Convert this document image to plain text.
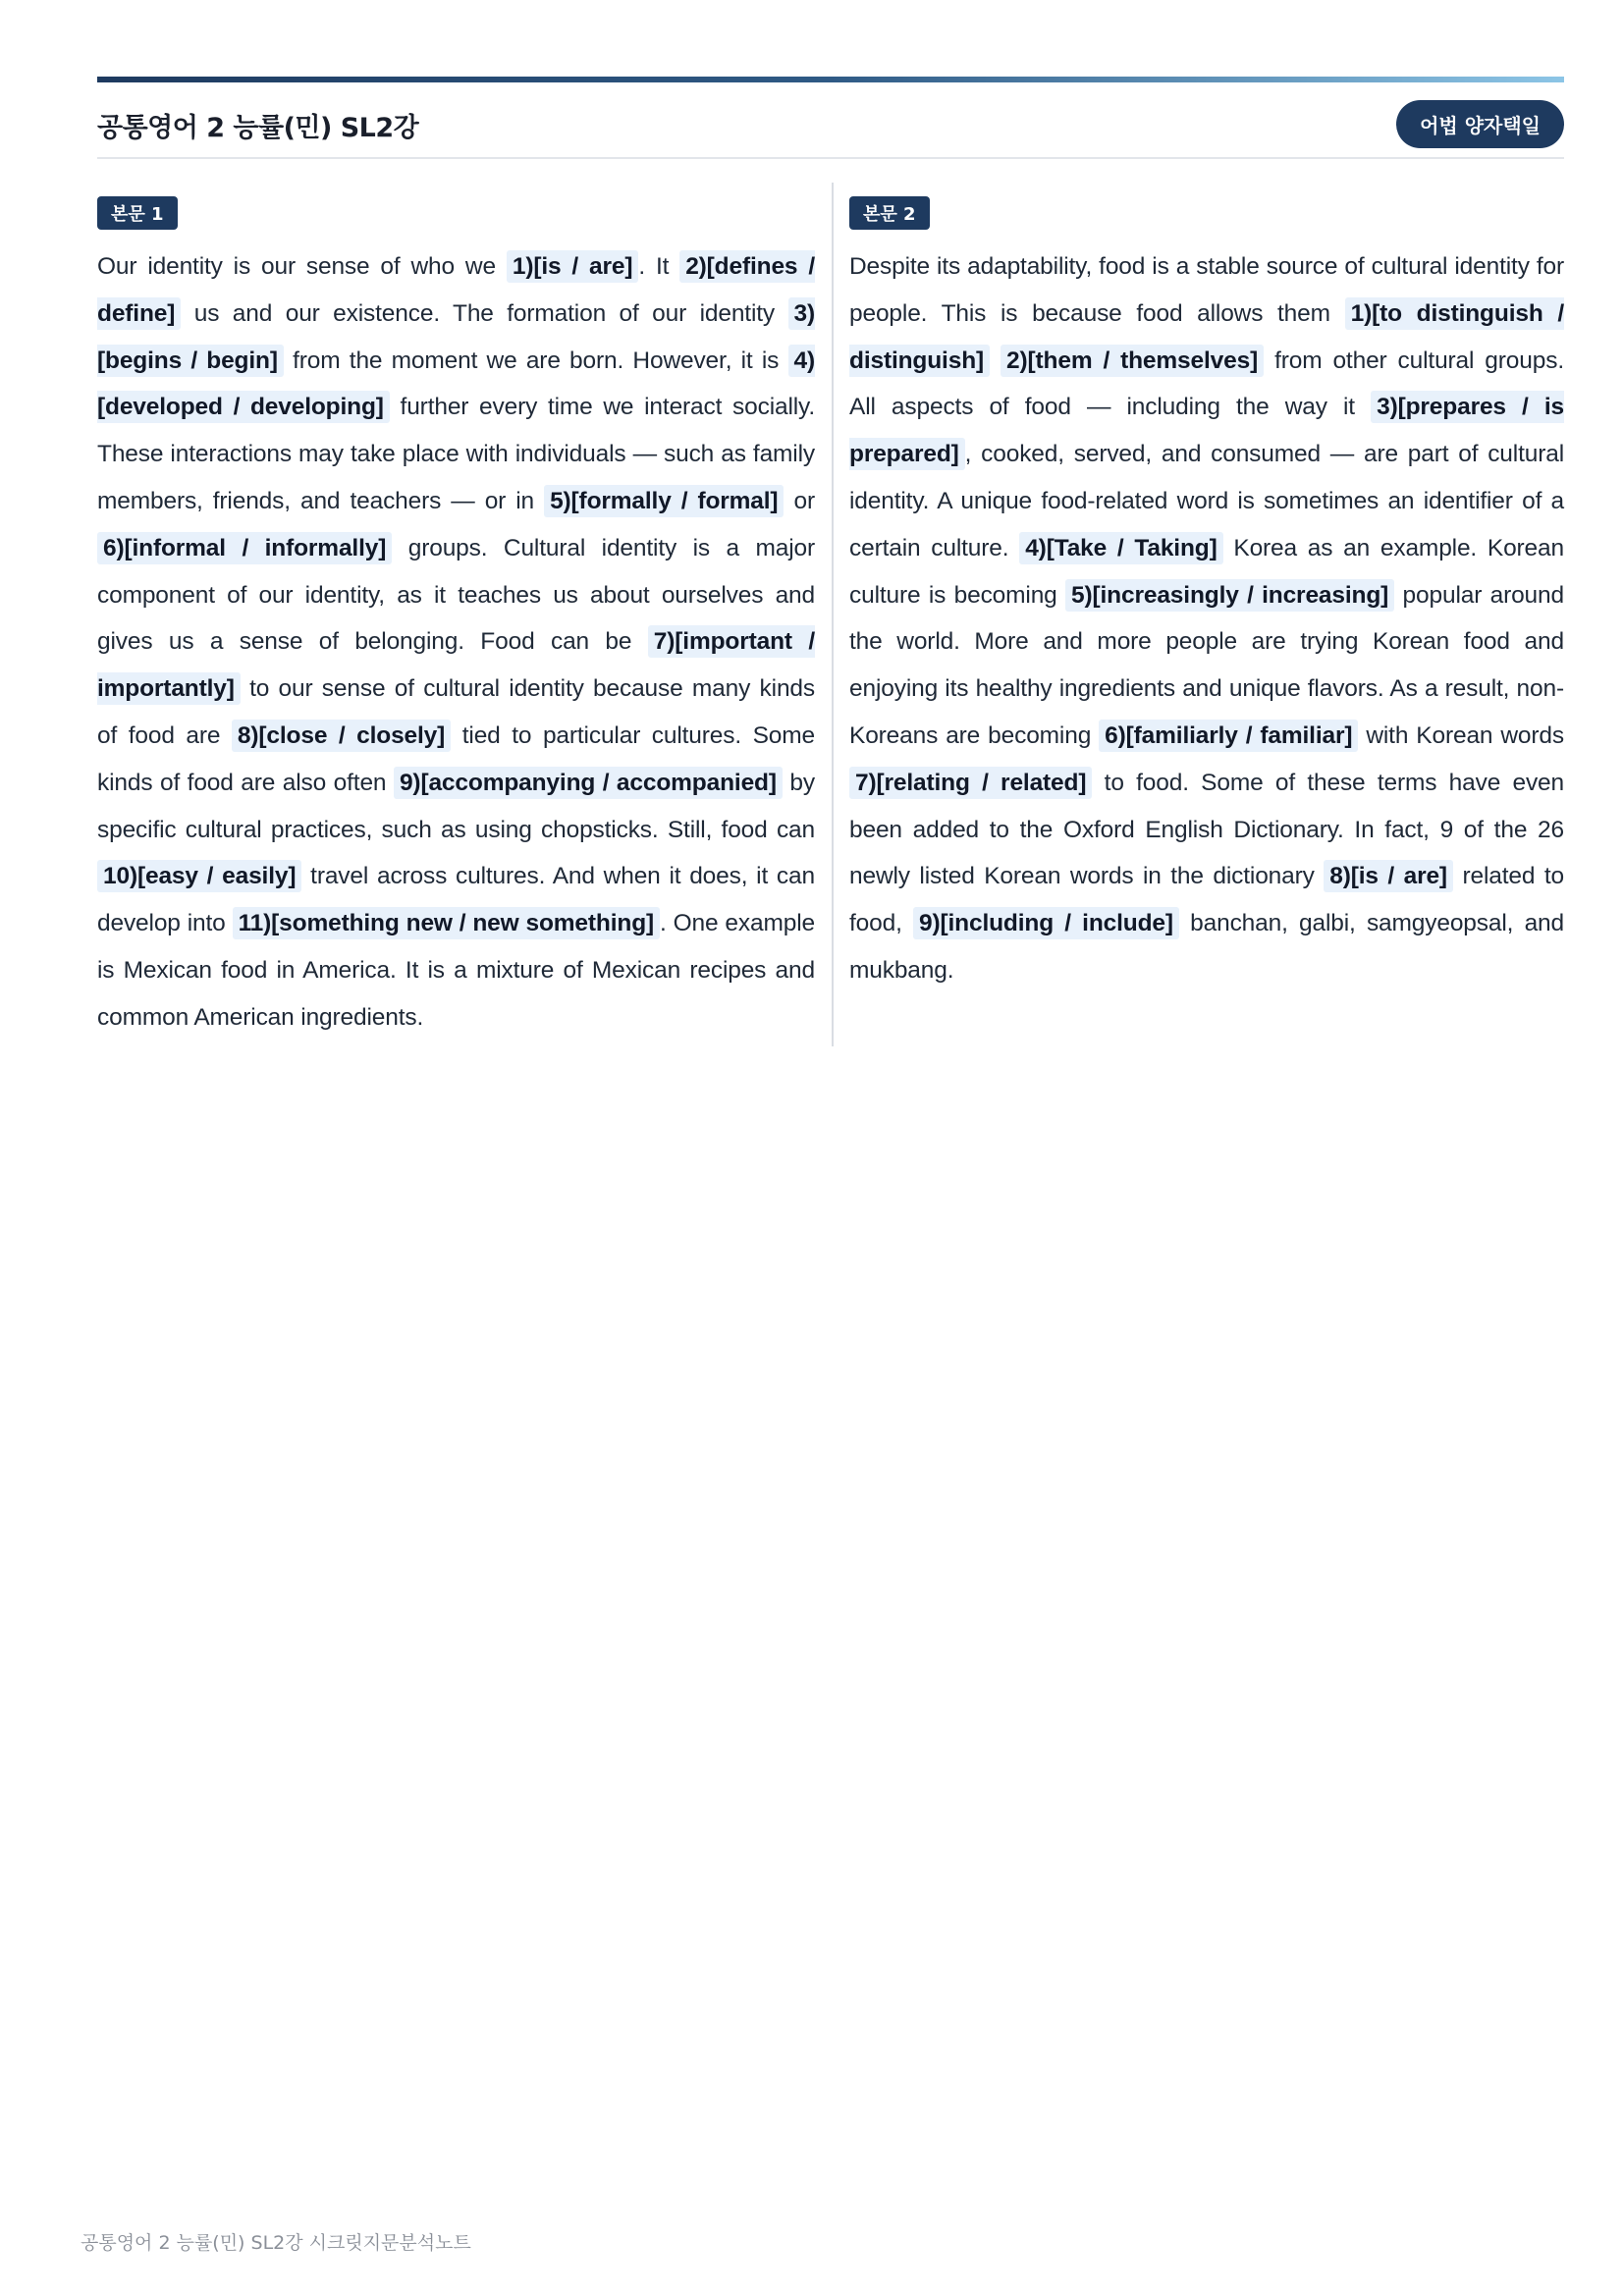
공통영어 2 능률(민) SL2강	어법 양자택일
본문 1

Our identity is our sense of who we 1)[is / are] . It 2)[defines / define] us and our existence. The formation of our identity 3)[begins / begin] from the moment we are born. However, it is 4)[developed / developing] further every time we interact socially. These interactions may take place with individuals — such as family members, friends, and teachers — or in 5)[formally / formal] or 6)[informal / informally] groups. Cultural identity is a major component of our identity, as it teaches us about ourselves and gives us a sense of belonging. Food can be 7)[important / importantly] to our sense of cultural identity because many kinds of food are 8)[close / closely] tied to particular cultures. Some kinds of food are also often 9)[accompanying / accompanied] by specific cultural practices, such as using chopsticks. Still, food can 10)[easy / easily] travel across cultures. And when it does, it can develop into 11)[something new / new something] . One example is Mexican food in America. It is a mixture of Mexican recipes and common American ingredients.

본문 2

Despite its adaptability, food is a stable source of cultural identity for people. This is because food allows them 1)[to distinguish / distinguish] 2)[them / themselves] from other cultural groups. All aspects of food — including the way it 3)[prepares / is prepared] , cooked, served, and consumed — are part of cultural identity. A unique food-related word is sometimes an identifier of a certain culture. 4)[Take / Taking] Korea as an example. Korean culture is becoming 5)[increasingly / increasing] popular around the world. More and more people are trying Korean food and enjoying its healthy ingredients and unique flavors. As a result, non-Koreans are becoming 6)[familiarly / familiar] with Korean words 7)[relating / related] to food. Some of these terms have even been added to the Oxford English Dictionary. In fact, 9 of the 26 newly listed Korean words in the dictionary 8)[is / are] related to food, 9)[including / include] banchan, galbi, samgyeopsal, and mukbang.

공통영어 2 능률(민) SL2강 시크릿지문분석노트
